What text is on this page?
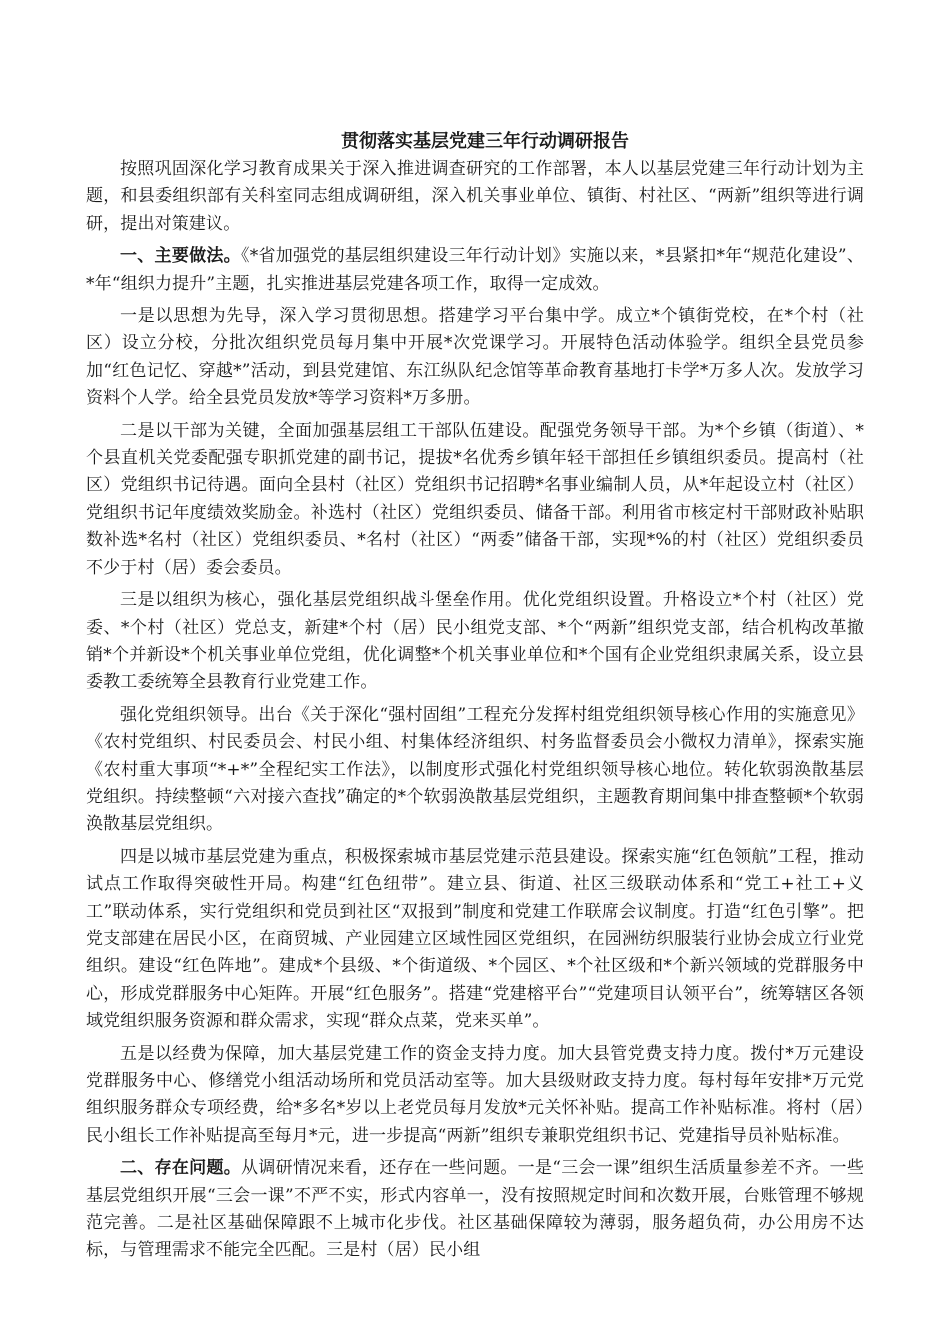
贯彻落实基层党建三年行动调研报告

按照巩固深化学习教育成果关于深入推进调查研究的工作部署，本人以基层党建三年行动计划为主题，和县委组织部有关科室同志组成调研组，深入机关事业单位、镇街、村社区、“两新”组织等进行调研，提出对策建议。

一、主要做法。《*省加强党的基层组织建设三年行动计划》实施以来，*县紧扣*年“规范化建设”、*年“组织力提升”主题，扎实推进基层党建各项工作，取得一定成效。

一是以思想为先导，深入学习贯彻思想。搭建学习平台集中学。成立*个镇街党校，在*个村（社区）设立分校，分批次组织党员每月集中开展*次党课学习。开展特色活动体验学。组织全县党员参加“红色记忆、穿越*”活动，到县党建馆、东江纵队纪念馆等革命教育基地打卡学*万多人次。发放学习资料个人学。给全县党员发放*等学习资料*万多册。

二是以干部为关键，全面加强基层组工干部队伍建设。配强党务领导干部。为*个乡镇（街道）、*个县直机关党委配强专职抓党建的副书记，提拔*名优秀乡镇年轻干部担任乡镇组织委员。提高村（社区）党组织书记待遇。面向全县村（社区）党组织书记招聘*名事业编制人员，从*年起设立村（社区）党组织书记年度绩效奖励金。补选村（社区）党组织委员、储备干部。利用省市核定村干部财政补贴职数补选*名村（社区）党组织委员、*名村（社区）“两委”储备干部，实现*%的村（社区）党组织委员不少于村（居）委会委员。

三是以组织为核心，强化基层党组织战斗堡垒作用。优化党组织设置。升格设立*个村（社区）党委、*个村（社区）党总支，新建*个村（居）民小组党支部、*个“两新”组织党支部，结合机构改革撤销*个并新设*个机关事业单位党组，优化调整*个机关事业单位和*个国有企业党组织隶属关系，设立县委教工委统筹全县教育行业党建工作。

强化党组织领导。出台《关于深化“强村固组”工程充分发挥村组党组织领导核心作用的实施意见》《农村党组织、村民委员会、村民小组、村集体经济组织、村务监督委员会小微权力清单》，探索实施《农村重大事项“*+*”全程纪实工作法》，以制度形式强化村党组织领导核心地位。转化软弱涣散基层党组织。持续整顿“六对接六查找”确定的*个软弱涣散基层党组织，主题教育期间集中排查整顿*个软弱涣散基层党组织。

四是以城市基层党建为重点，积极探索城市基层党建示范县建设。探索实施“红色领航”工程，推动试点工作取得突破性开局。构建“红色纽带”。建立县、街道、社区三级联动体系和“党工+社工+义工”联动体系，实行党组织和党员到社区“双报到”制度和党建工作联席会议制度。打造“红色引擎”。把党支部建在居民小区，在商贸城、产业园建立区域性园区党组织，在园洲纺织服装行业协会成立行业党组织。建设“红色阵地”。建成*个县级、*个街道级、*个园区、*个社区级和*个新兴领域的党群服务中心，形成党群服务中心矩阵。开展“红色服务”。搭建“党建榕平台”“党建项目认领平台”，统筹辖区各领域党组织服务资源和群众需求，实现“群众点菜，党来买单”。

五是以经费为保障，加大基层党建工作的资金支持力度。加大县管党费支持力度。拨付*万元建设党群服务中心、修缮党小组活动场所和党员活动室等。加大县级财政支持力度。每村每年安排*万元党组织服务群众专项经费，给*多名*岁以上老党员每月发放*元关怀补贴。提高工作补贴标准。将村（居）民小组长工作补贴提高至每月*元，进一步提高“两新”组织专兼职党组织书记、党建指导员补贴标准。

二、存在问题。从调研情况来看，还存在一些问题。一是“三会一课”组织生活质量参差不齐。一些基层党组织开展“三会一课”不严不实，形式内容单一，没有按照规定时间和次数开展，台账管理不够规范完善。二是社区基础保障跟不上城市化步伐。社区基础保障较为薄弱，服务超负荷，办公用房不达标，与管理需求不能完全匹配。三是村（居）民小组
